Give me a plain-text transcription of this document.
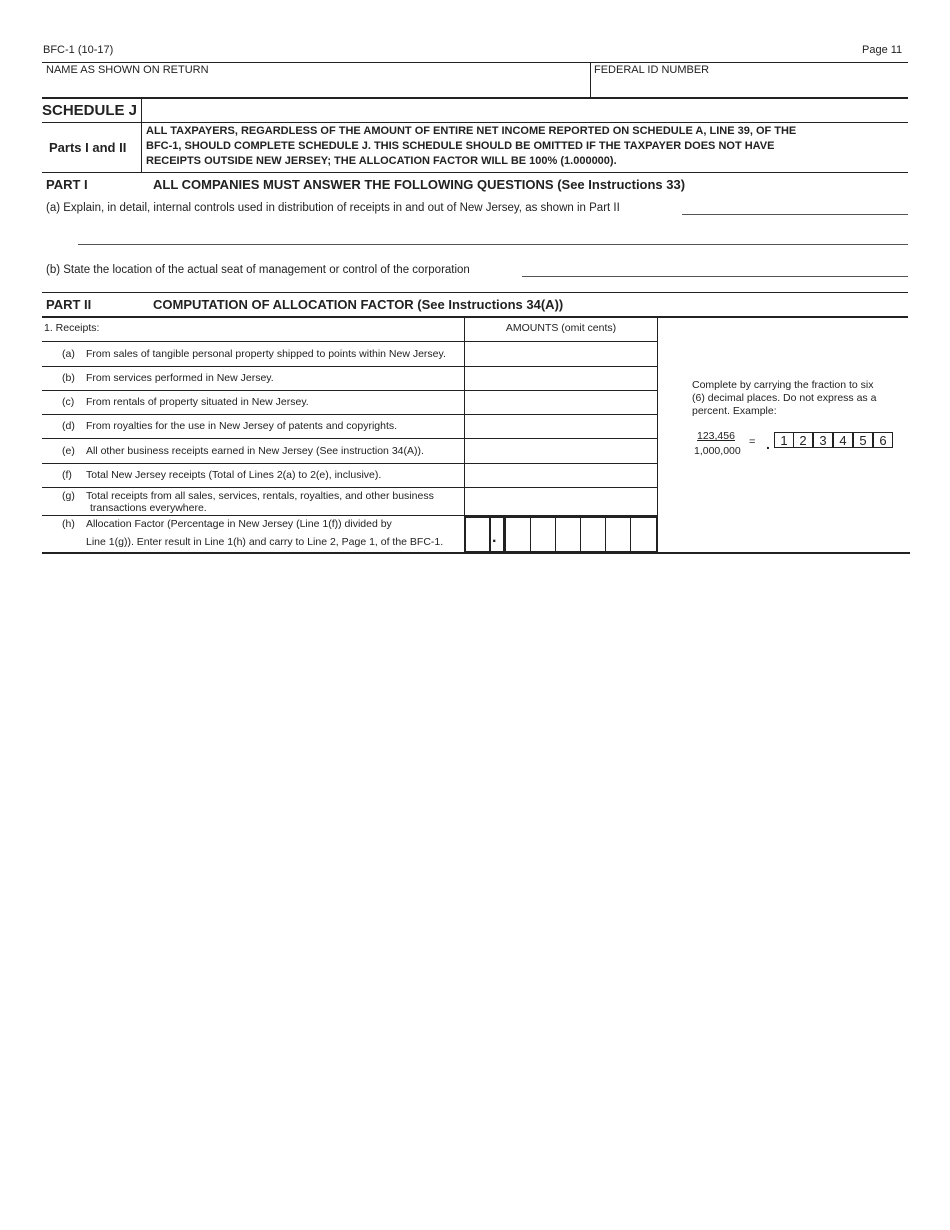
BFC-1 (10-17)	Page 11
NAME AS SHOWN ON RETURN	FEDERAL ID NUMBER
SCHEDULE J
Parts I and II
ALL TAXPAYERS, REGARDLESS OF THE AMOUNT OF ENTIRE NET INCOME REPORTED ON SCHEDULE A, LINE 39, OF THE
BFC-1, SHOULD COMPLETE SCHEDULE J. THIS SCHEDULE SHOULD BE OMITTED IF THE TAXPAYER DOES NOT HAVE
RECEIPTS OUTSIDE NEW JERSEY; THE ALLOCATION FACTOR WILL BE 100% (1.000000).
PART I	ALL COMPANIES MUST ANSWER THE FOLLOWING QUESTIONS (See Instructions 33)
(a) Explain, in detail, internal controls used in distribution of receipts in and out of New Jersey, as shown in Part II
(b) State the location of the actual seat of management or control of the corporation
PART II	COMPUTATION OF ALLOCATION FACTOR (See Instructions 34(A))
AMOUNTS (omit cents)
1. Receipts:
(a) From sales of tangible personal property shipped to points within New Jersey.
(b) From services performed in New Jersey.
(c) From rentals of property situated in New Jersey.
(d) From royalties for the use in New Jersey of patents and copyrights.
(e) All other business receipts earned in New Jersey (See instruction 34(A)).
(f) Total New Jersey receipts (Total of Lines 2(a) to 2(e), inclusive).
(g) Total receipts from all sales, services, rentals, royalties, and other business
transactions everywhere.
(h) Allocation Factor (Percentage in New Jersey (Line 1(f)) divided by
Line 1(g)). Enter result in Line 1(h) and carry to Line 2, Page 1, of the BFC-1.	.
Complete by carrying the fraction to six
(6) decimal places. Do not express as a
percent. Example:
123,456
1,000,000
= . 1 2 3 4 5 6
